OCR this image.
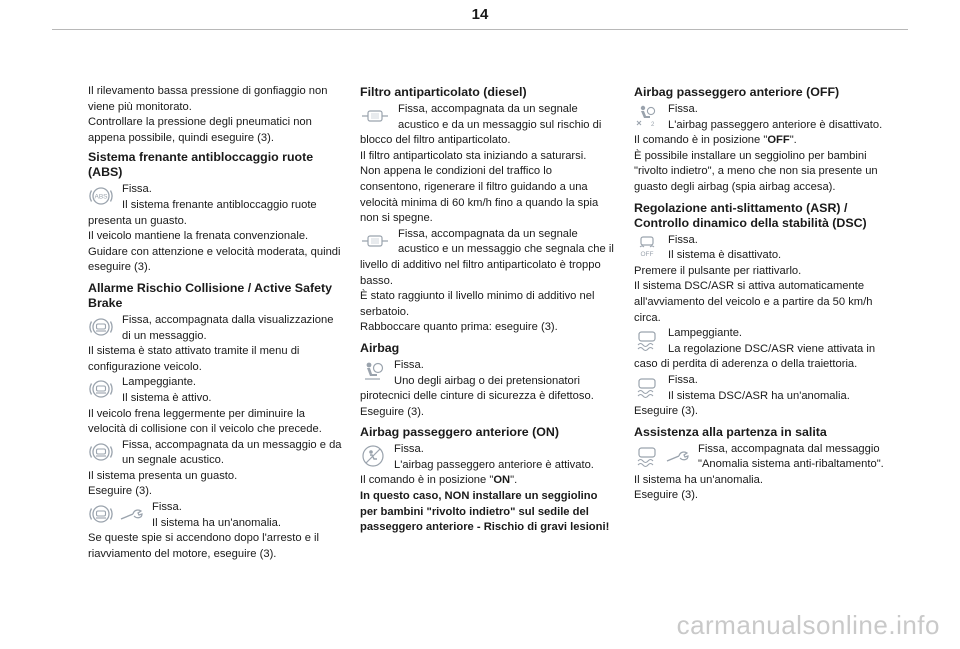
14

Il rilevamento bassa pressione di gonfiaggio non viene più monitorato.

Controllare la pressione degli pneumatici non appena possibile, quindi eseguire (3).

Sistema frenante antibloccaggio ruote (ABS)
ABS

Fissa.

Il sistema frenante antibloccaggio ruote presenta un guasto.

Il veicolo mantiene la frenata convenzionale.

Guidare con attenzione e velocità moderata, quindi eseguire (3).

Allarme Rischio Collisione / Active Safety Brake

Fissa, accompagnata dalla visualizzazione di un messaggio.

Il sistema è stato attivato tramite il menu di configurazione veicolo.

Lampeggiante.

Il sistema è attivo.

Il veicolo frena leggermente per diminuire la velocità di collisione con il veicolo che precede.

Fissa, accompagnata da un messaggio e da un segnale acustico.

Il sistema presenta un guasto.

Eseguire (3).

Fissa.

Il sistema ha un'anomalia.

Se queste spie si accendono dopo l'arresto e il riavviamento del motore, eseguire (3).

Filtro antiparticolato (diesel)

Fissa, accompagnata da un segnale acustico e da un messaggio sul rischio di blocco del filtro antiparticolato.

Il filtro antiparticolato sta iniziando a saturarsi.

Non appena le condizioni del traffico lo consentono, rigenerare il filtro guidando a una velocità minima di 60 km/h fino a quando la spia non si spegne.

Fissa, accompagnata da un segnale acustico e un messaggio che segnala che il livello di additivo nel filtro antiparticolato è troppo basso.

È stato raggiunto il livello minimo di additivo nel serbatoio.

Rabboccare quanto prima: eseguire (3).

Airbag

Fissa.

Uno degli airbag o dei pretensionatori pirotecnici delle cinture di sicurezza è difettoso.

Eseguire (3).

Airbag passeggero anteriore (ON)

Fissa.

L'airbag passeggero anteriore è attivato.

Il comando è in posizione "ON".

In questo caso, NON installare un seggiolino per bambini "rivolto indietro" sul sedile del passeggero anteriore - Rischio di gravi lesioni!

Airbag passeggero anteriore (OFF)
2

Fissa.

L'airbag passeggero anteriore è disattivato.

Il comando è in posizione "OFF".

È possibile installare un seggiolino per bambini "rivolto indietro", a meno che non sia presente un guasto degli airbag (spia airbag accesa).

Regolazione anti-slittamento (ASR) / Controllo dinamico della stabilità (DSC)
OFF

Fissa.

Il sistema è disattivato.

Premere il pulsante per riattivarlo.

Il sistema DSC/ASR si attiva automaticamente all'avviamento del veicolo e a partire da 50 km/h circa.

Lampeggiante.

La regolazione DSC/ASR viene attivata in caso di perdita di aderenza o della traiettoria.

Fissa.

Il sistema DSC/ASR ha un'anomalia.

Eseguire (3).

Assistenza alla partenza in salita

Fissa, accompagnata dal messaggio "Anomalia sistema anti-ribaltamento".

Il sistema ha un'anomalia.

Eseguire (3).

carmanualsonline.info
